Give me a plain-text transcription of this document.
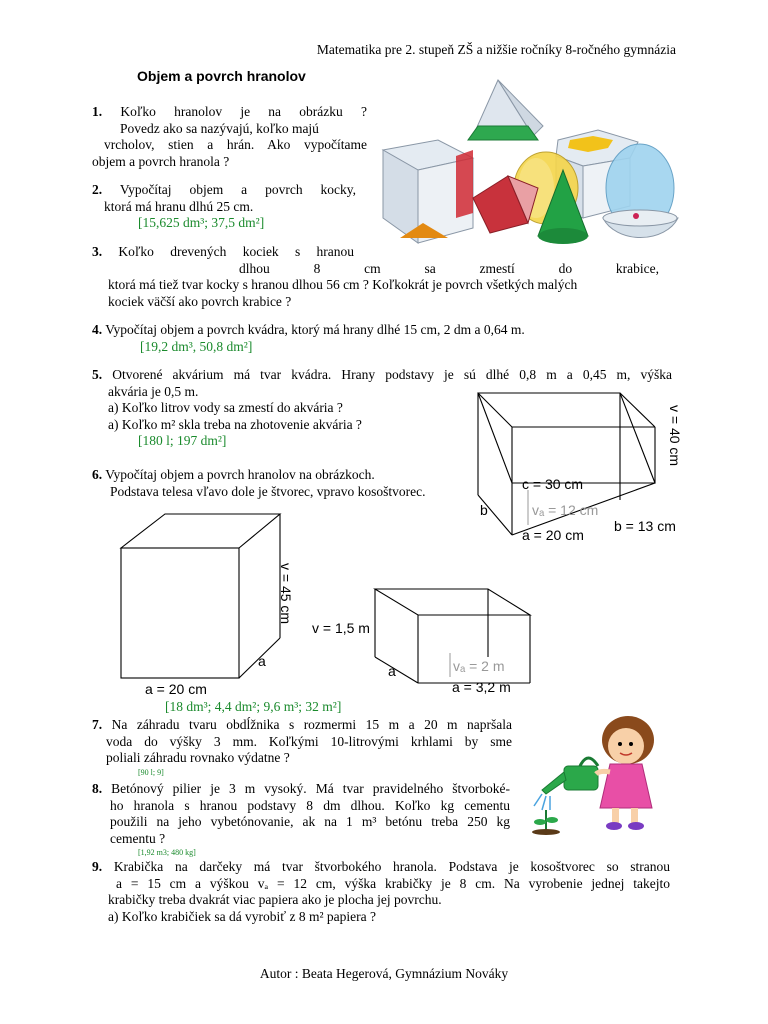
Matematika pre 2. stupeň ZŠ a nižšie ročníky 8-ročného gymnázia
Objem a povrch hranolov
1. Koľko hranolov je na obrázku ?
Povedz ako sa nazývajú, koľko majú
vrcholov, stien a hrán. Ako vypočítame
objem a povrch hranola ?
2. Vypočítaj objem a povrch kocky,
ktorá má hranu dlhú 25 cm.
[15,625 dm³; 37,5 dm²]
3. Koľko drevených kociek s hranou
dlhou 8 cm sa zmestí do krabice,
ktorá má tiež tvar kocky s hranou dlhou 56 cm ? Koľkokrát je povrch všetkých malých
kociek väčší ako povrch krabice ?
4. Vypočítaj objem a povrch kvádra, ktorý má hrany dlhé 15 cm, 2 dm a 0,64 m.
[19,2 dm³, 50,8 dm²]
5. Otvorené akvárium má tvar kvádra. Hrany podstavy je sú dlhé 0,8 m a 0,45 m, výška
akvária je 0,5 m.
a) Koľko litrov vody sa zmestí do akvária ?
a) Koľko m² skla treba na zhotovenie akvária ?
[180 l; 197 dm²]
6. Vypočítaj objem a povrch hranolov na obrázkoch.
Podstava telesa vľavo dole je štvorec, vpravo kosoštvorec.
v = 40 cm
c = 30 cm
vₐ = 12 cm
b
b = 13 cm
a = 20 cm
v = 45 cm
a
a = 20 cm
v = 1,5 m
a	vₐ = 2 m
a = 3,2 m
[18 dm³; 4,4 dm²; 9,6 m³; 32 m²]
7. Na záhradu tvaru obdĺžnika s rozmermi 15 m a 20 m napršala
voda do výšky 3 mm. Koľkými 10-litrovými krhlami by sme
poliali záhradu rovnako výdatne ?
[90 l; 9]
8. Betónový pilier je 3 m vysoký. Má tvar pravidelného štvorboké-
ho hranola s hranou podstavy 8 dm dlhou. Koľko kg cementu
použili na jeho vybetónovanie, ak na 1 m³ betónu treba 250 kg
cementu ?
[1,92 m3; 480 kg]
9. Krabička na darčeky má tvar štvorbokého hranola. Podstava je kosoštvorec so stranou
a = 15 cm a výškou vₐ = 12 cm, výška krabičky je 8 cm. Na vyrobenie jednej takejto
krabičky treba dvakrát viac papiera ako je plocha jej povrchu.
a) Koľko krabičiek sa dá vyrobiť z 8 m² papiera ?
Autor : Beata Hegerová, Gymnázium Nováky
